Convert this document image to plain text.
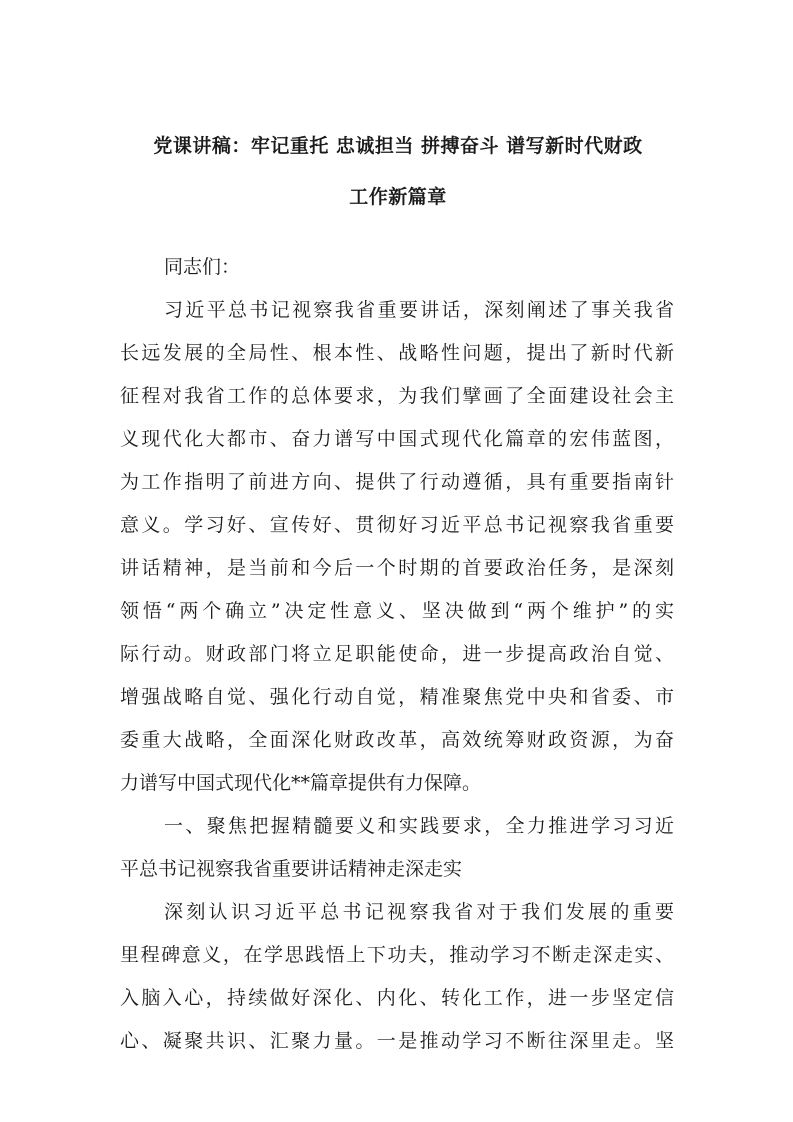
党课讲稿：牢记重托 忠诚担当 拼搏奋斗 谱写新时代财政
工作新篇章
同志们：
习近平总书记视察我省重要讲话，深刻阐述了事关我省
长远发展的全局性、根本性、战略性问题，提出了新时代新
征程对我省工作的总体要求，为我们擘画了全面建设社会主
义现代化大都市、奋力谱写中国式现代化篇章的宏伟蓝图，
为工作指明了前进方向、提供了行动遵循，具有重要指南针
意义。学习好、宣传好、贯彻好习近平总书记视察我省重要
讲话精神，是当前和今后一个时期的首要政治任务，是深刻
领悟“两个确立”决定性意义、坚决做到“两个维护”的实
际行动。财政部门将立足职能使命，进一步提高政治自觉、
增强战略自觉、强化行动自觉，精准聚焦党中央和省委、市
委重大战略，全面深化财政改革，高效统筹财政资源，为奋
力谱写中国式现代化**篇章提供有力保障。
一、聚焦把握精髓要义和实践要求，全力推进学习习近
平总书记视察我省重要讲话精神走深走实
深刻认识习近平总书记视察我省对于我们发展的重要
里程碑意义，在学思践悟上下功夫，推动学习不断走深走实、
入脑入心，持续做好深化、内化、转化工作，进一步坚定信
心、凝聚共识、汇聚力量。一是推动学习不断往深里走。坚
